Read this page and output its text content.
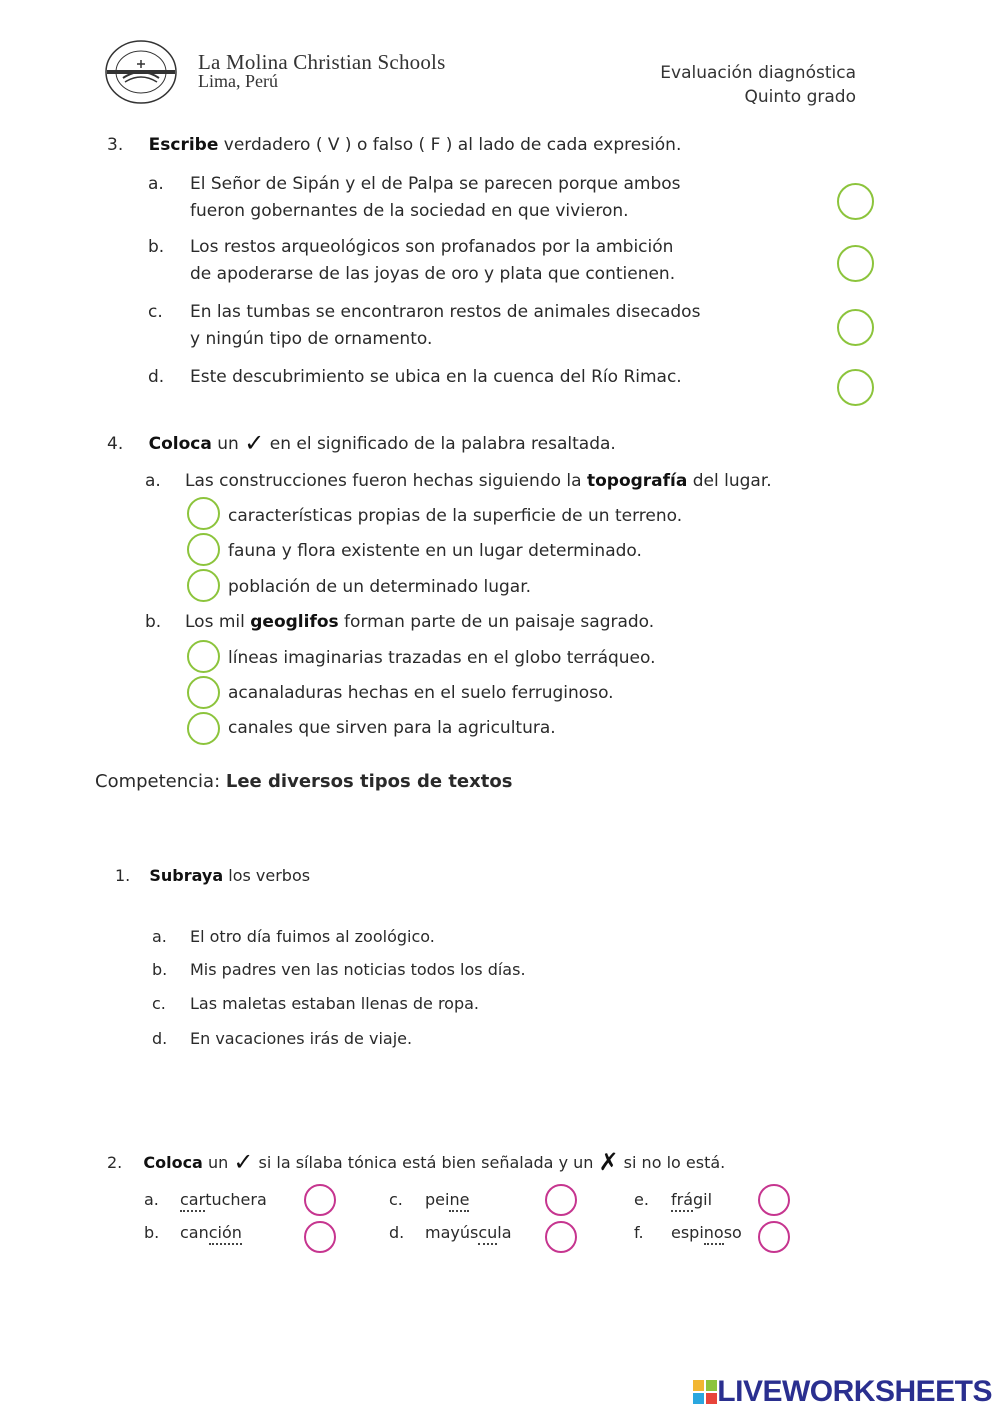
La Molina Christian Schools
Lima, Perú	Evaluación diagnóstica
Quinto grado
3. Escribe verdadero ( V ) o falso ( F ) al lado de cada expresión.
a. El Señor de Sipán y el de Palpa se parecen porque ambos
fueron gobernantes de la sociedad en que vivieron.
b. Los restos arqueológicos son profanados por la ambición
de apoderarse de las joyas de oro y plata que contienen.
c. En las tumbas se encontraron restos de animales disecados
y ningún tipo de ornamento.
d. Este descubrimiento se ubica en la cuenca del Río Rimac.
4. Coloca un ✓ en el significado de la palabra resaltada.
a. Las construcciones fueron hechas siguiendo la topografía del lugar.
características propias de la superficie de un terreno.
fauna y flora existente en un lugar determinado.
población de un determinado lugar.
b. Los mil geoglifos forman parte de un paisaje sagrado.
líneas imaginarias trazadas en el globo terráqueo.
acanaladuras hechas en el suelo ferruginoso.
canales que sirven para la agricultura.
Competencia: Lee diversos tipos de textos
1. Subraya los verbos
a. El otro día fuimos al zoológico.
b. Mis padres ven las noticias todos los días.
c. Las maletas estaban llenas de ropa.
d. En vacaciones irás de viaje.
2. Coloca un ✓ si la sílaba tónica está bien señalada y un ✗ si no lo está.
a. cartuchera
b. canción
c. peine
d. mayúscula
e. frágil
f. espinoso
LIVEWORKSHEETS
